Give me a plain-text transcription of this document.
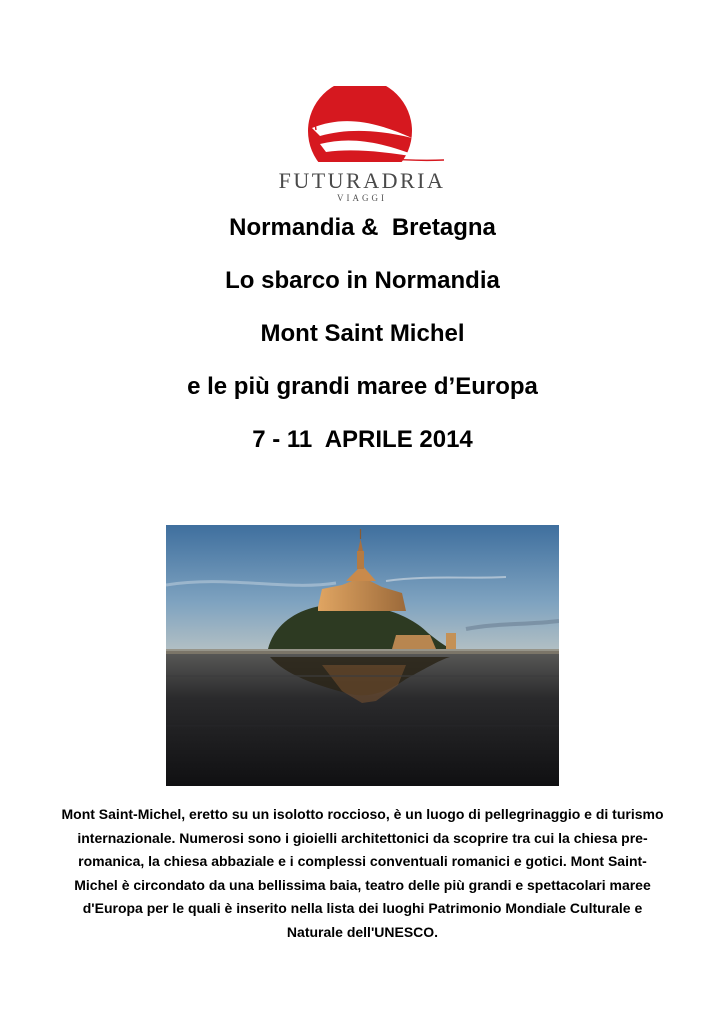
FUTURADRIA
VIAGGI
Normandia &  Bretagna
Lo sbarco in Normandia
Mont Saint Michel
e le più grandi maree d’Europa
7 - 11  APRILE 2014

Mont Saint-Michel, eretto su un isolotto roccioso, è un luogo di pellegrinaggio e di turismo internazionale. Numerosi sono i gioielli architettonici da scoprire tra cui la chiesa pre-romanica, la chiesa abbaziale e i complessi conventuali romanici e gotici. Mont Saint-Michel è circondato da una bellissima baia, teatro delle più grandi e spettacolari maree d'Europa per le quali è inserito nella lista dei luoghi Patrimonio Mondiale Culturale e Naturale dell'UNESCO.
